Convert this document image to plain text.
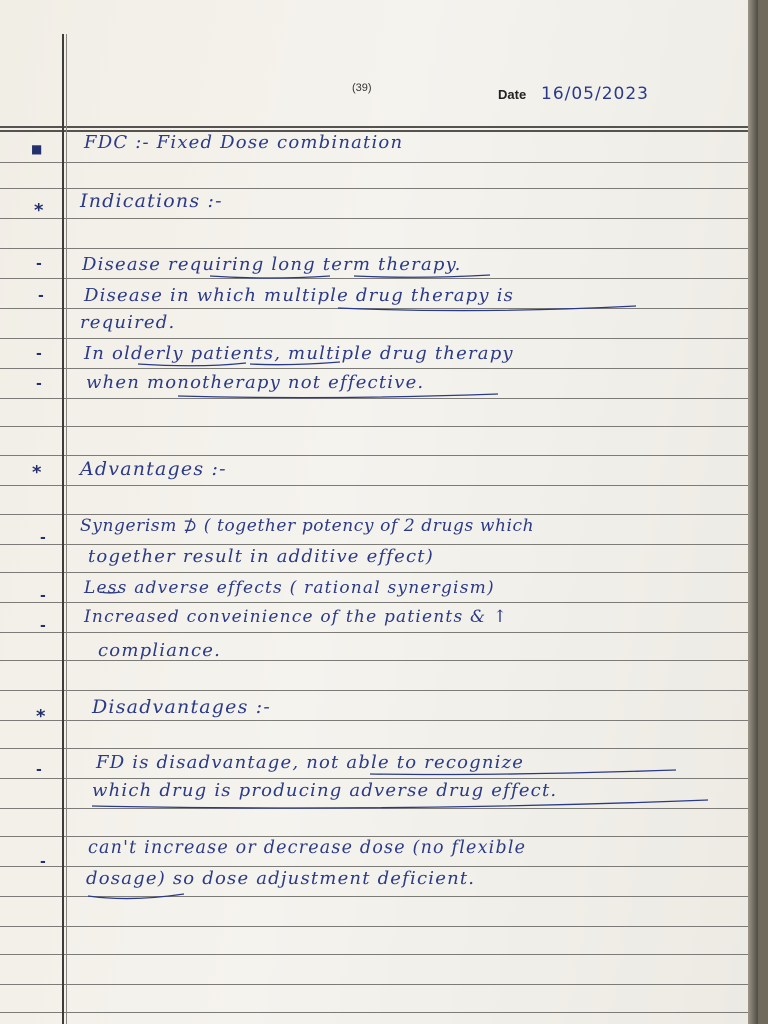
(39)	Date 16/05/2023
■
*
-
-
-
-
*
-
-
-
*
-
-
FDC :- Fixed Dose combination
Indications :-
Disease requiring long term therapy.
Disease in which multiple drug therapy is
required.
In olderly patients, multiple drug therapy
when monotherapy not effective.
Advantages :-
Syngerism ⊅ ( together potency of 2 drugs which
together result in additive effect)
Less adverse effects ( rational synergism)
Increased conveinience of the patients & ↑
compliance.
Disadvantages :-
FD is disadvantage, not able to recognize
which drug is producing adverse drug effect.
can't increase or decrease dose (no flexible
dosage) so dose adjustment deficient.
